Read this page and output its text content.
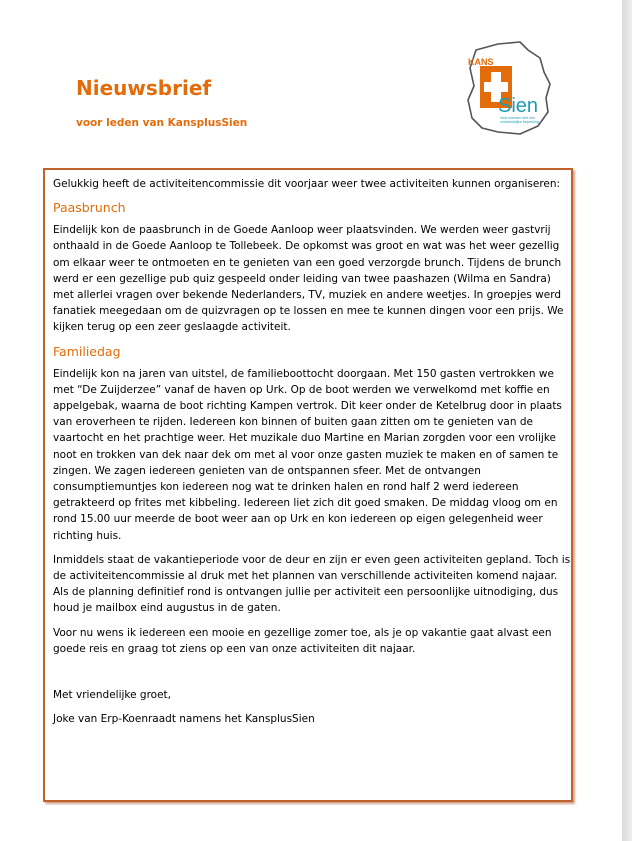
Nieuwsbrief
voor leden van KansplusSien
KANS
Sien
Voor mensen met een
verstandelijke beperking

Gelukkig heeft de activiteitencommissie dit voorjaar weer twee activiteiten kunnen organiseren:

Paasbrunch

Eindelijk kon de paasbrunch in de Goede Aanloop weer plaatsvinden. We werden weer gastvrij onthaald in de Goede Aanloop te Tollebeek. De opkomst was groot en wat was het weer gezellig om elkaar weer te ontmoeten en te genieten van een goed verzorgde brunch. Tijdens de brunch werd er een gezellige pub quiz gespeeld onder leiding van twee paashazen (Wilma en Sandra) met allerlei vragen over bekende Nederlanders, TV, muziek en andere weetjes. In groepjes werd fanatiek meegedaan om de quizvragen op te lossen en mee te kunnen dingen voor een prijs. We kijken terug op een zeer geslaagde activiteit.

Familiedag

Eindelijk kon na jaren van uitstel, de familieboottocht doorgaan. Met 150 gasten vertrokken we met “De Zuijderzee” vanaf de haven op Urk. Op de boot werden we verwelkomd met koffie en appelgebak, waarna de boot richting Kampen vertrok. Dit keer onder de Ketelbrug door in plaats van eroverheen te rijden. Iedereen kon binnen of buiten gaan zitten om te genieten van de vaartocht en het prachtige weer. Het muzikale duo Martine en Marian zorgden voor een vrolijke noot en trokken van dek naar dek om met al voor onze gasten muziek te maken en of samen te zingen. We zagen iedereen genieten van de ontspannen sfeer. Met de ontvangen consumptiemuntjes kon iedereen nog wat te drinken halen en rond half 2 werd iedereen getrakteerd op frites met kibbeling. Iedereen liet zich dit goed smaken. De middag vloog om en rond 15.00 uur meerde de boot weer aan op Urk en kon iedereen op eigen gelegenheid weer richting huis.

Inmiddels staat de vakantieperiode voor de deur en zijn er even geen activiteiten gepland. Toch is de activiteitencommissie al druk met het plannen van verschillende activiteiten komend najaar. Als de planning definitief rond is ontvangen jullie per activiteit een persoonlijke uitnodiging, dus houd je mailbox eind augustus in de gaten.

Voor nu wens ik iedereen een mooie en gezellige zomer toe, als je op vakantie gaat alvast een goede reis en graag tot ziens op een van onze activiteiten dit najaar.

Met vriendelijke groet,

Joke van Erp-Koenraadt namens het KansplusSien
